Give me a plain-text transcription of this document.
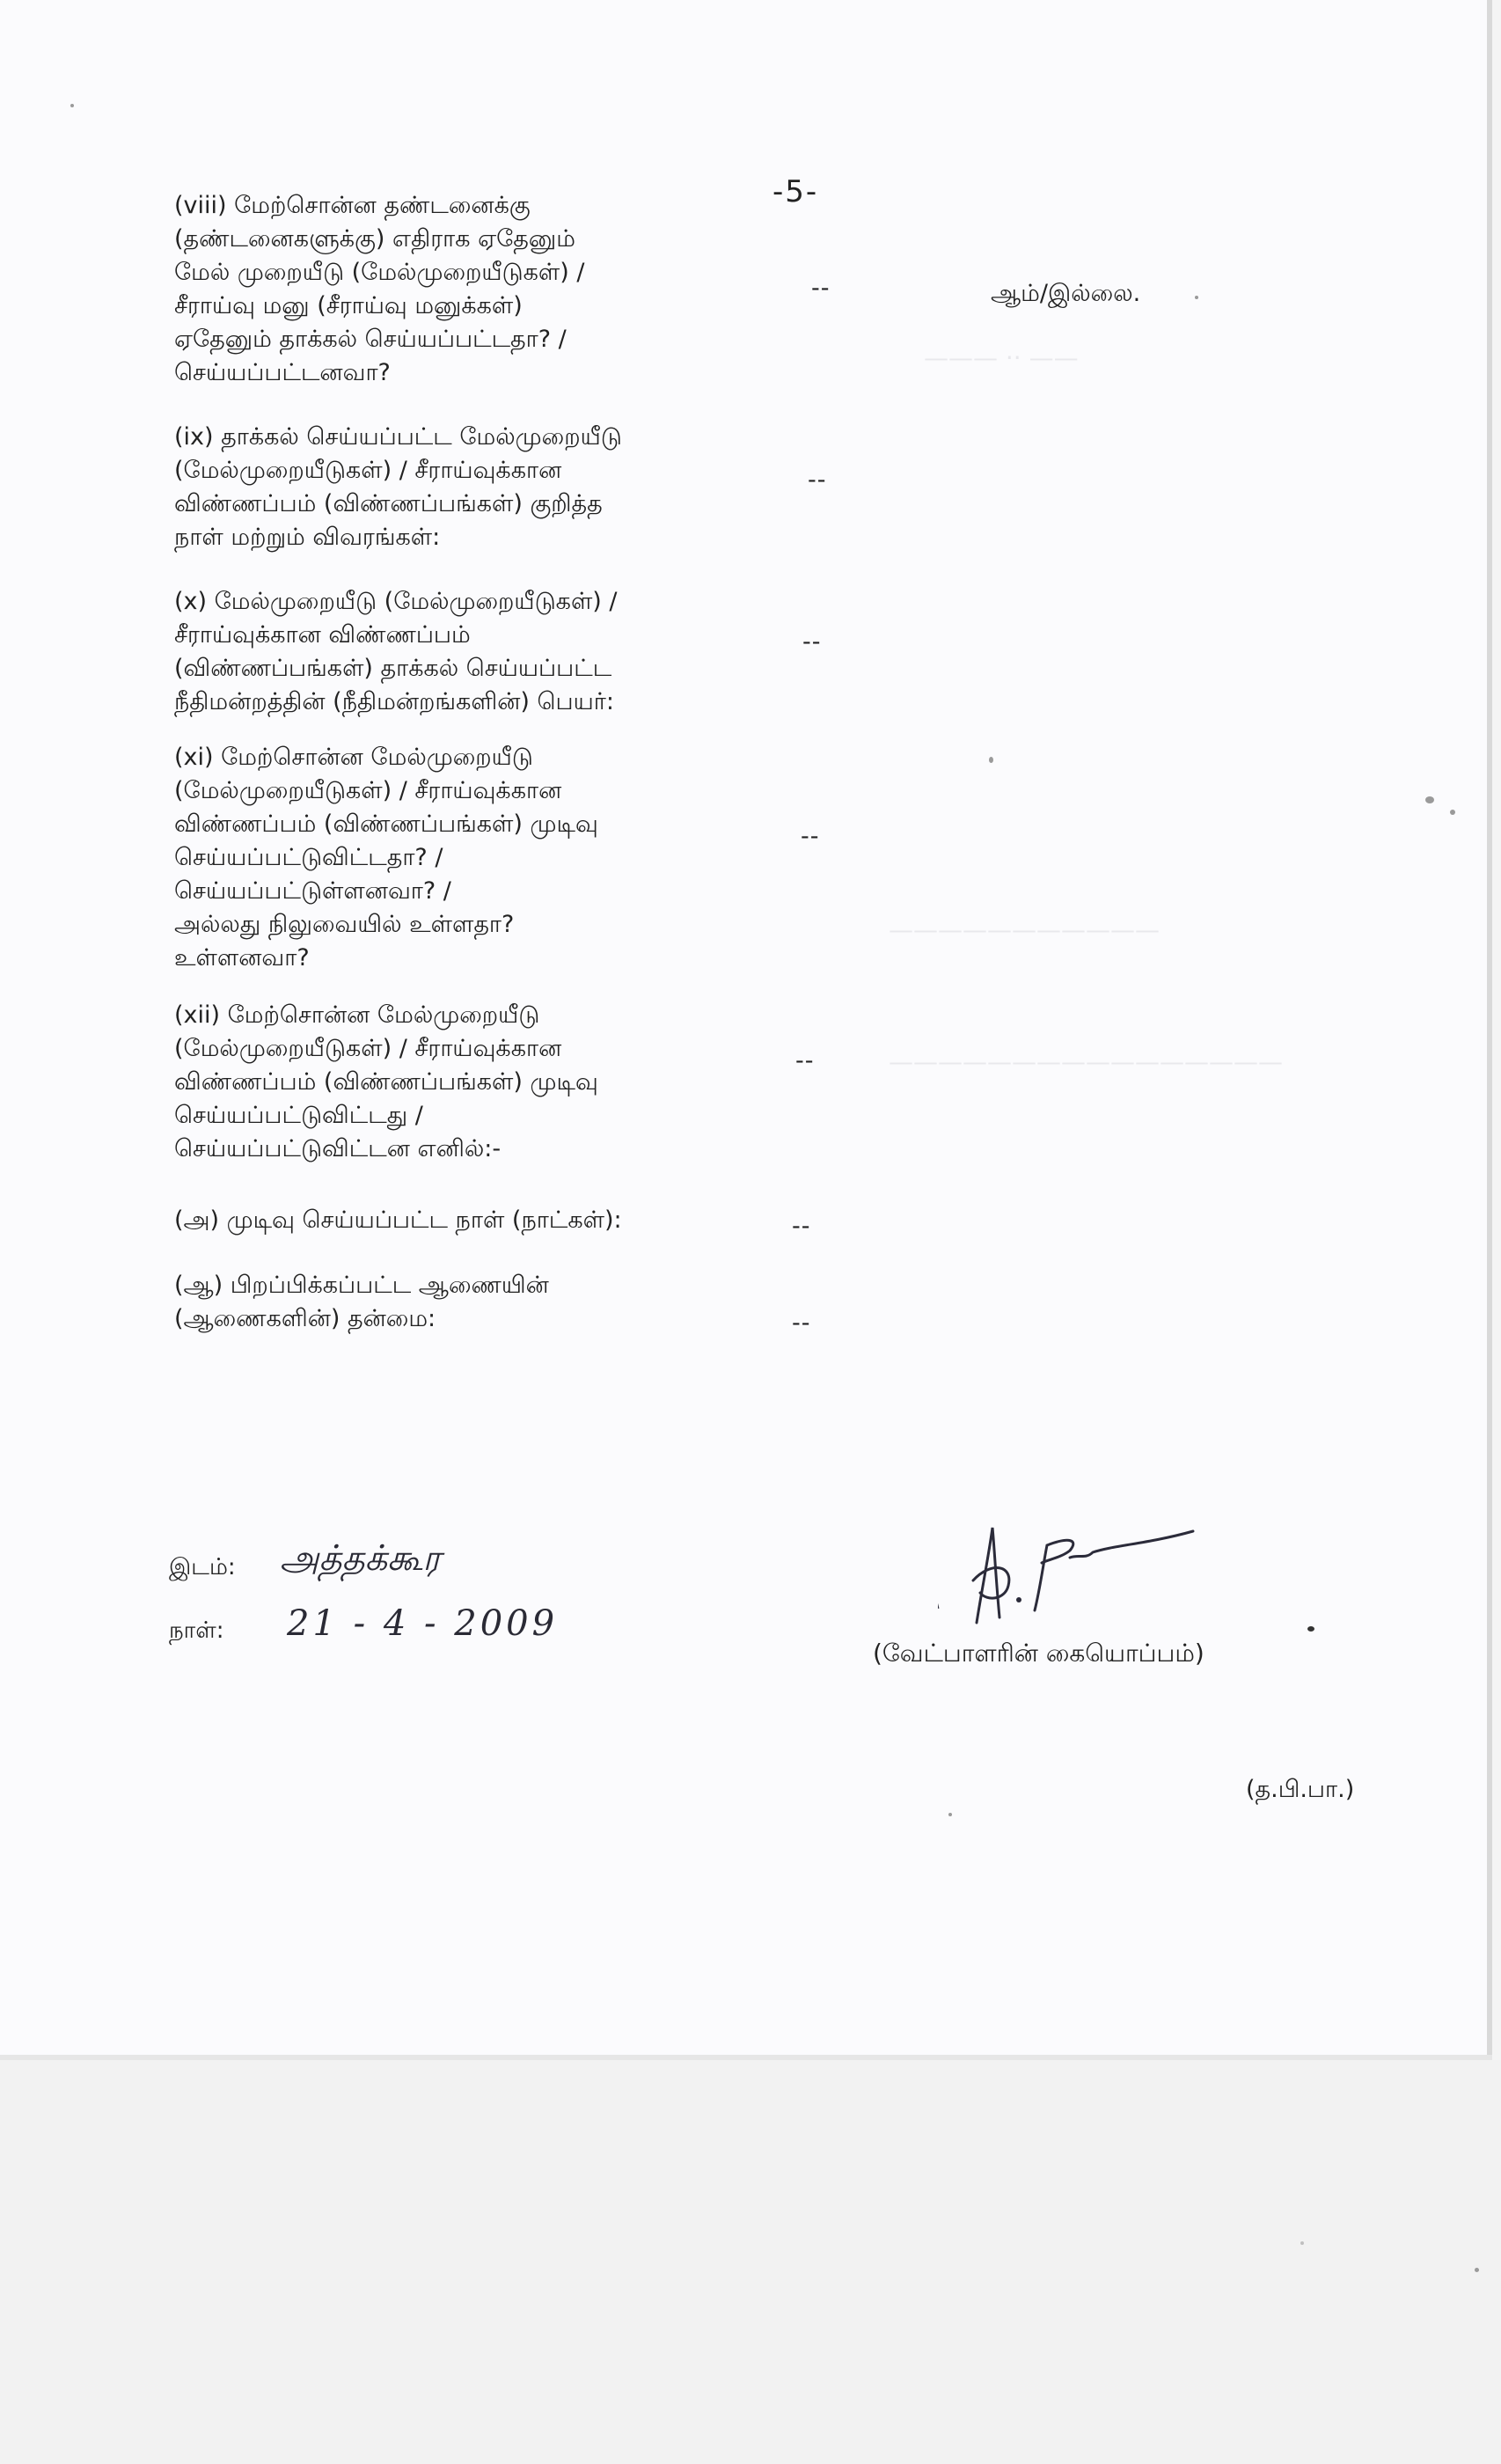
——— ·· ——
———————————
————————————————
-5-
(viii) மேற்சொன்ன தண்டனைக்கு
(தண்டனைகளுக்கு) எதிராக ஏதேனும்
மேல் முறையீடு (மேல்முறையீடுகள்) /
சீராய்வு மனு (சீராய்வு மனுக்கள்)
ஏதேனும் தாக்கல் செய்யப்பட்டதா? /
செய்யப்பட்டனவா?
--	ஆம்/இல்லை.
(ix) தாக்கல் செய்யப்பட்ட மேல்முறையீடு
(மேல்முறையீடுகள்) / சீராய்வுக்கான
விண்ணப்பம் (விண்ணப்பங்கள்) குறித்த
நாள் மற்றும் விவரங்கள்:
--
(x) மேல்முறையீடு (மேல்முறையீடுகள்) /
சீராய்வுக்கான விண்ணப்பம்
(விண்ணப்பங்கள்) தாக்கல் செய்யப்பட்ட
நீதிமன்றத்தின் (நீதிமன்றங்களின்) பெயர்:
--
(xi) மேற்சொன்ன மேல்முறையீடு
(மேல்முறையீடுகள்) / சீராய்வுக்கான
விண்ணப்பம் (விண்ணப்பங்கள்) முடிவு
செய்யப்பட்டுவிட்டதா? /
செய்யப்பட்டுள்ளனவா? /
அல்லது நிலுவையில் உள்ளதா?
உள்ளனவா?
--
(xii) மேற்சொன்ன மேல்முறையீடு
(மேல்முறையீடுகள்) / சீராய்வுக்கான
விண்ணப்பம் (விண்ணப்பங்கள்) முடிவு
செய்யப்பட்டுவிட்டது /
செய்யப்பட்டுவிட்டன எனில்:-
--
(அ) முடிவு செய்யப்பட்ட நாள் (நாட்கள்):	--
(ஆ) பிறப்பிக்கப்பட்ட ஆணையின்
(ஆணைகளின்) தன்மை:	--
இடம்: அத்தக்கூர
நாள்: 21 - 4 - 2009
(வேட்பாளரின் கையொப்பம்)
(த.பி.பா.)
